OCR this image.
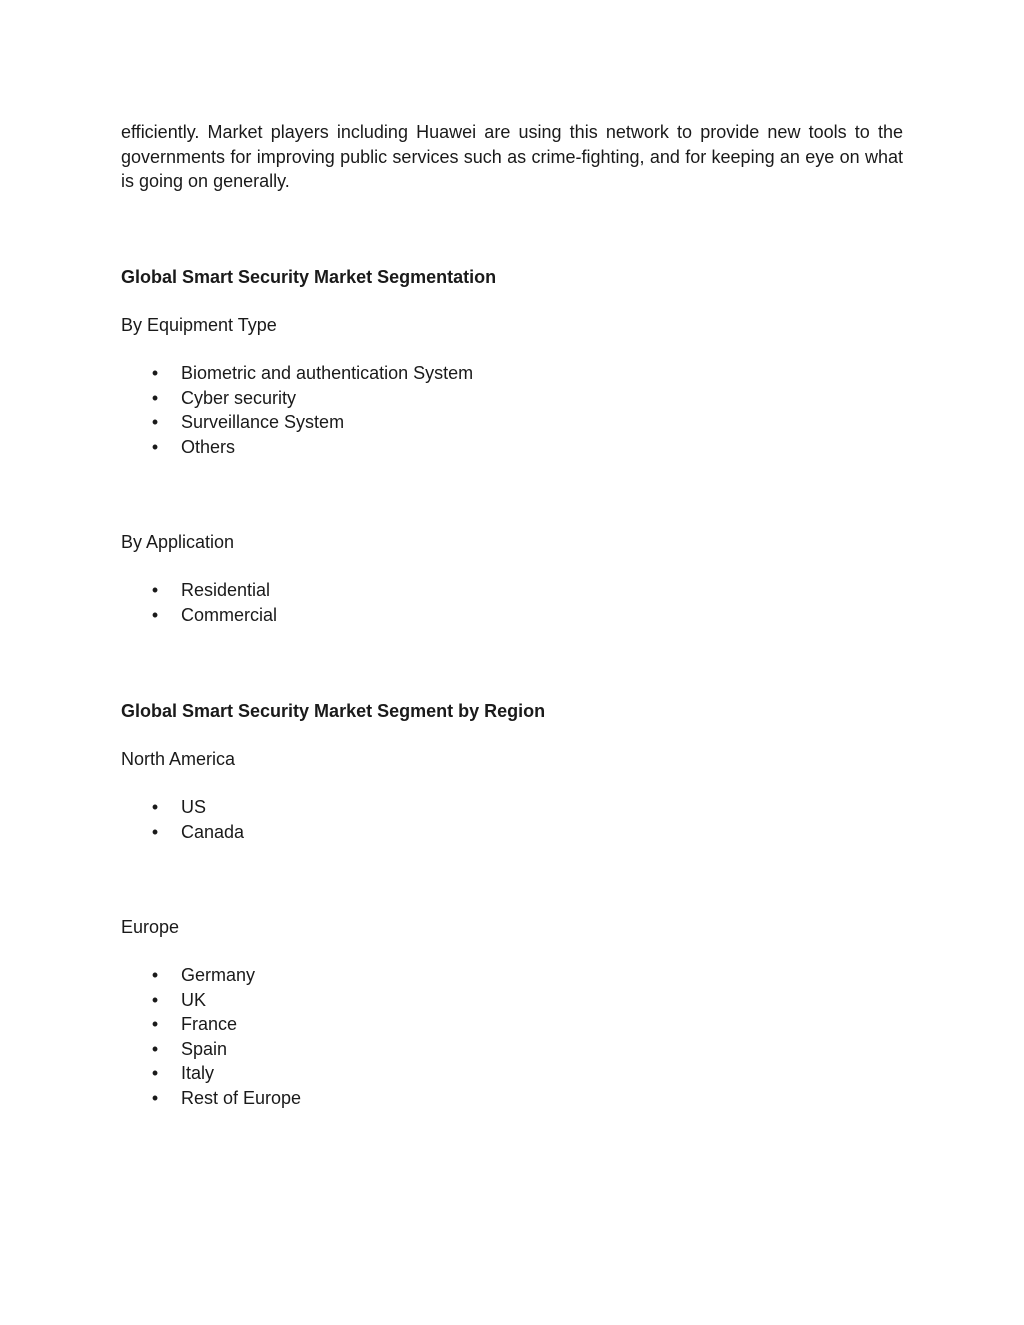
efficiently. Market players including Huawei are using this network to provide new tools to the governments for improving public services such as crime-fighting, and for keeping an eye on what is going on generally.

Global Smart Security Market Segmentation
By Equipment Type
• Biometric and authentication System
• Cyber security
• Surveillance System
• Others
By Application
• Residential
• Commercial
Global Smart Security Market Segment by Region
North America
• US
• Canada
Europe
• Germany
• UK
• France
• Spain
• Italy
• Rest of Europe
